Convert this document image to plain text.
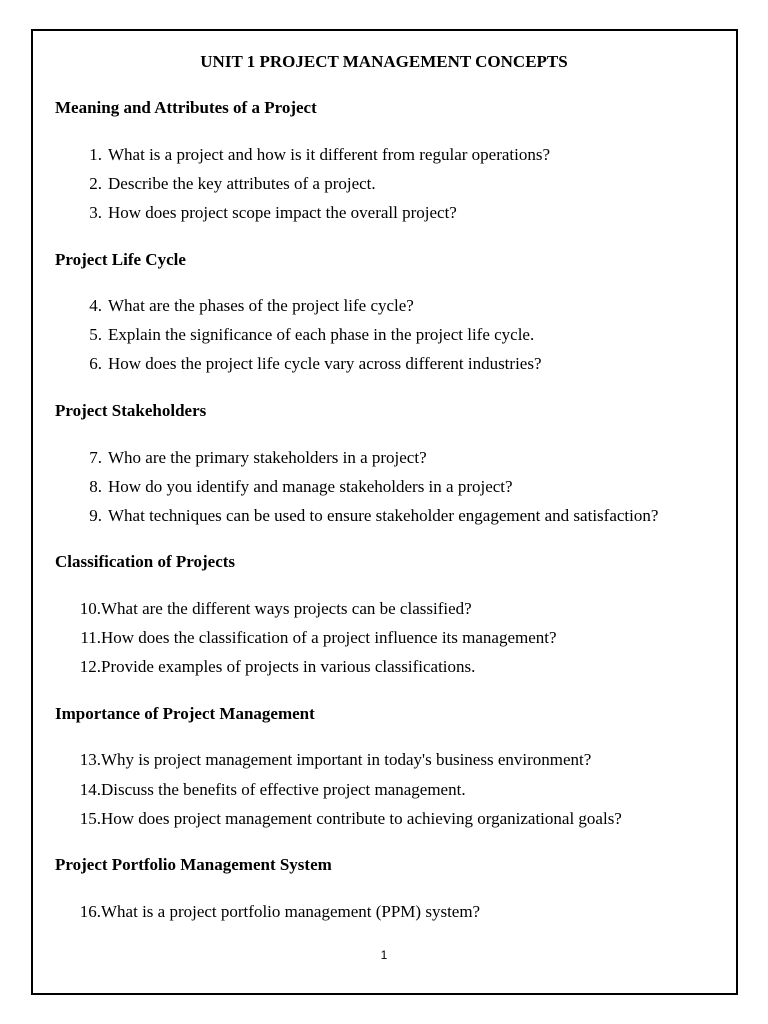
UNIT 1 PROJECT MANAGEMENT CONCEPTS
Meaning and Attributes of a Project
1. What is a project and how is it different from regular operations?
2. Describe the key attributes of a project.
3. How does project scope impact the overall project?
Project Life Cycle
4. What are the phases of the project life cycle?
5. Explain the significance of each phase in the project life cycle.
6. How does the project life cycle vary across different industries?
Project Stakeholders
7. Who are the primary stakeholders in a project?
8. How do you identify and manage stakeholders in a project?
9. What techniques can be used to ensure stakeholder engagement and satisfaction?
Classification of Projects
10.What are the different ways projects can be classified?
11.How does the classification of a project influence its management?
12.Provide examples of projects in various classifications.
Importance of Project Management
13.Why is project management important in today's business environment?
14.Discuss the benefits of effective project management.
15.How does project management contribute to achieving organizational goals?
Project Portfolio Management System
16.What is a project portfolio management (PPM) system?
1
